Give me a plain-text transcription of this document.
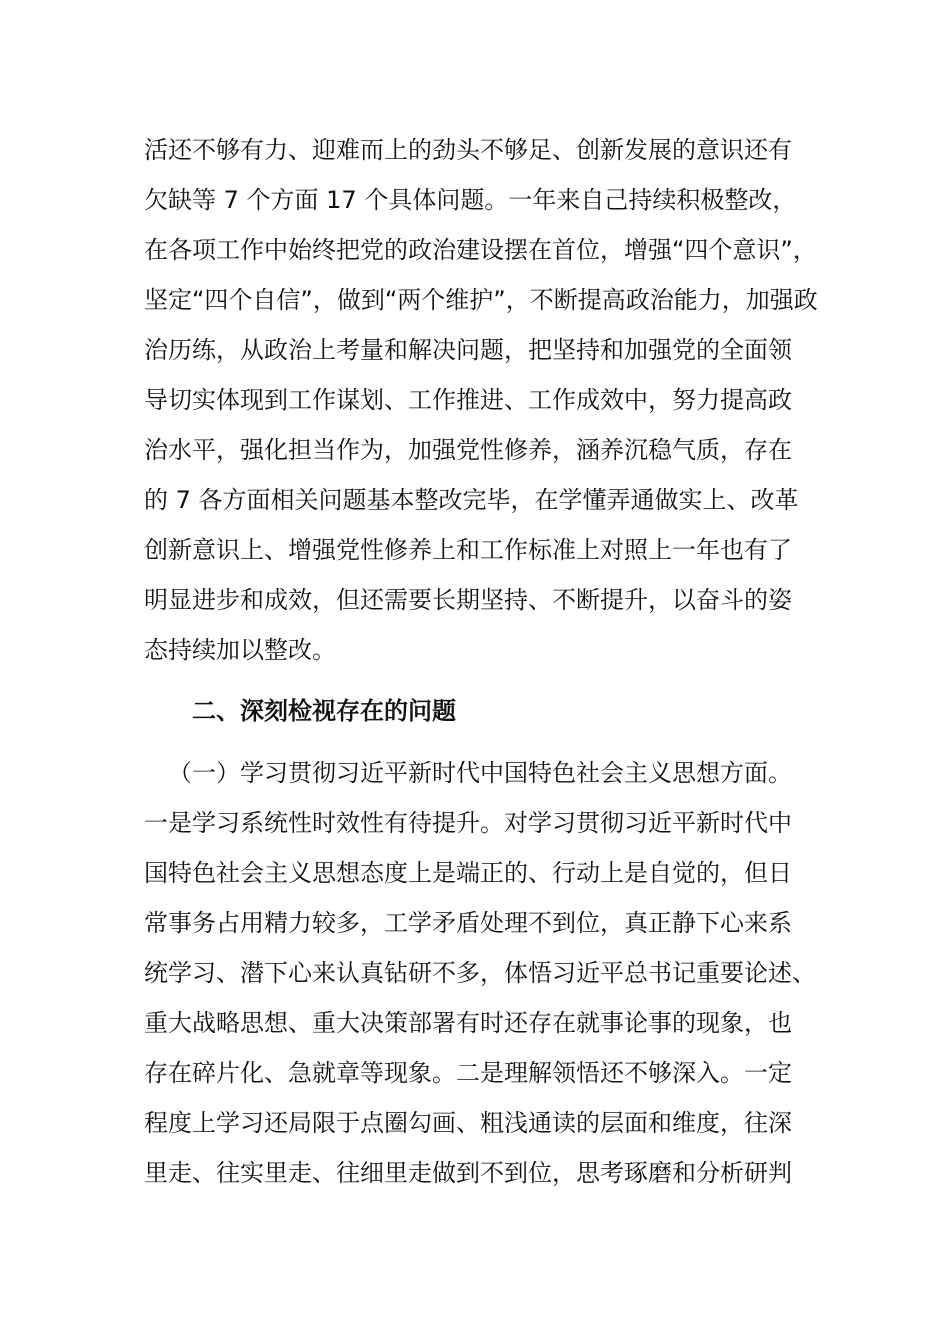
活还不够有力、迎难而上的劲头不够足、创新发展的意识还有
欠缺等 7 个方面 17 个具体问题。一年来自己持续积极整改，
在各项工作中始终把党的政治建设摆在首位，增强“四个意识”，
坚定“四个自信”，做到“两个维护”，不断提高政治能力，加强政
治历练，从政治上考量和解决问题，把坚持和加强党的全面领
导切实体现到工作谋划、工作推进、工作成效中，努力提高政
治水平，强化担当作为，加强党性修养，涵养沉稳气质，存在
的 7 各方面相关问题基本整改完毕，在学懂弄通做实上、改革
创新意识上、增强党性修养上和工作标准上对照上一年也有了
明显进步和成效，但还需要长期坚持、不断提升，以奋斗的姿
态持续加以整改。
二、深刻检视存在的问题
（一）学习贯彻习近平新时代中国特色社会主义思想方面。
一是学习系统性时效性有待提升。对学习贯彻习近平新时代中
国特色社会主义思想态度上是端正的、行动上是自觉的，但日
常事务占用精力较多，工学矛盾处理不到位，真正静下心来系
统学习、潜下心来认真钻研不多，体悟习近平总书记重要论述、
重大战略思想、重大决策部署有时还存在就事论事的现象，也
存在碎片化、急就章等现象。二是理解领悟还不够深入。一定
程度上学习还局限于点圈勾画、粗浅通读的层面和维度，往深
里走、往实里走、往细里走做到不到位，思考琢磨和分析研判
